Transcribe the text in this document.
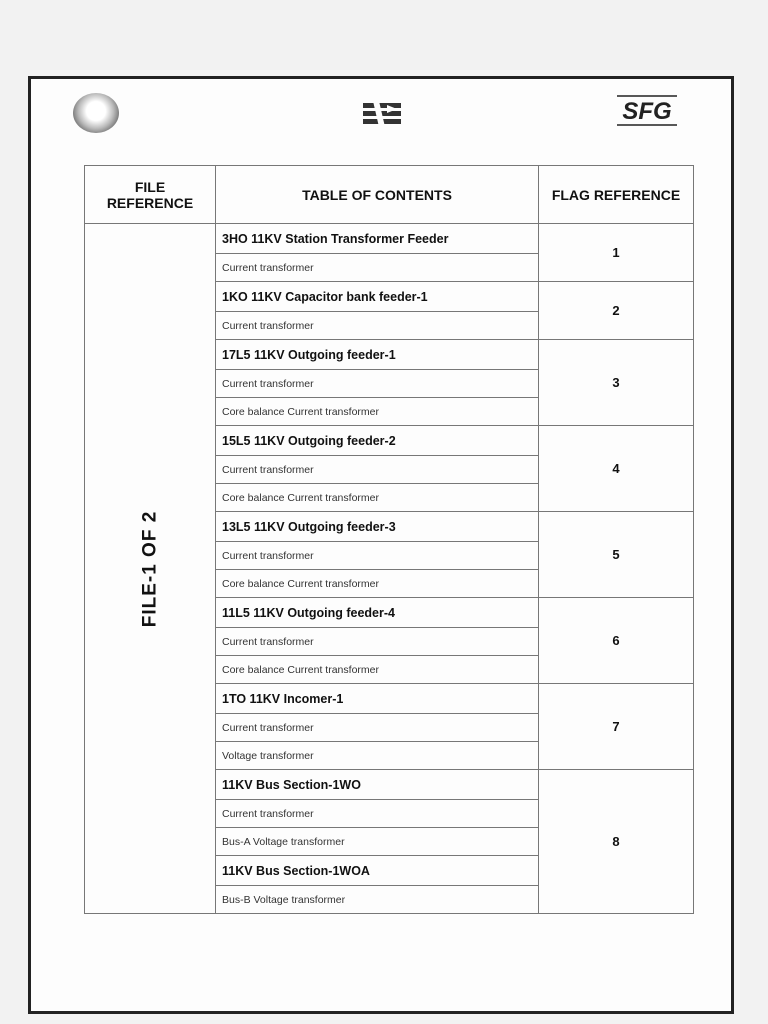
SFG
FILE REFERENCE	TABLE OF CONTENTS	FLAG REFERENCE
FILE-1 OF 2	3HO 11KV Station Transformer Feeder	1
	Current transformer	
	1KO 11KV Capacitor bank feeder-1	2
	Current transformer	
	17L5 11KV Outgoing feeder-1	3
	Current transformer	
	Core balance Current transformer	
	15L5 11KV Outgoing feeder-2	4
	Current transformer	
	Core balance Current transformer	
	13L5 11KV Outgoing feeder-3	5
	Current transformer	
	Core balance Current transformer	
	11L5 11KV Outgoing feeder-4	6
	Current transformer	
	Core balance Current transformer	
	1TO 11KV Incomer-1	7
	Current transformer	
	Voltage transformer	
	11KV Bus Section-1WO	8
	Current transformer	
	Bus-A Voltage transformer	
	11KV Bus Section-1WOA	
	Bus-B Voltage transformer	
